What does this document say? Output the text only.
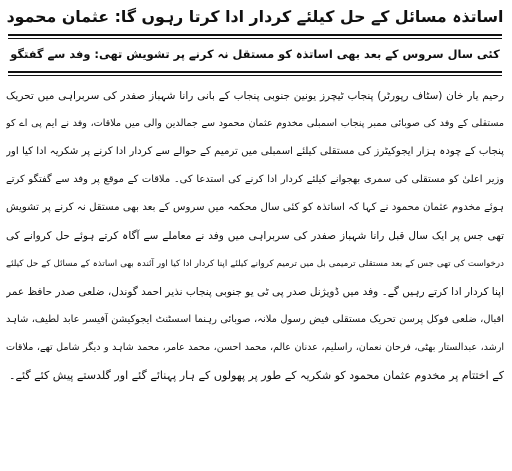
اساتذہ مسائل کے حل کیلئے کردار ادا کرتا رہوں گا: عثمان محمود
کئی سال سروس کے بعد بھی اساتذہ کو مستقل نہ کرنے پر تشویش تھی: وفد سے گفتگو
رحیم یار خان (سٹاف رپورٹر) پنجاب ٹیچرز یونین جنوبی پنجاب کے بانی رانا شہباز صفدر کی سربراہی میں تحریک
مستقلی کے وفد کی صوبائی ممبر پنجاب اسمبلی مخدوم عثمان محمود سے جمالدین والی میں ملاقات، وفد نے ایم پی اے کو
پنجاب کے چودہ ہزار ایجوکیٹرز کی مستقلی کیلئے اسمبلی میں ترمیم کے حوالے سے کردار ادا کرنے پر شکریہ ادا کیا اور
وزیر اعلیٰ کو مستقلی کی سمری بھجوانے کیلئے کردار ادا کرنے کی استدعا کی۔ ملاقات کے موقع پر وفد سے گفتگو کرتے
ہوئے مخدوم عثمان محمود نے کہا کہ اساتذہ کو کئی سال محکمہ میں سروس کے بعد بھی مستقل نہ کرنے پر تشویش
تھی جس پر ایک سال قبل رانا شہباز صفدر کی سربراہی میں وفد نے معاملے سے آگاہ کرتے ہوئے حل کروانے کی
درخواست کی تھی جس کے بعد مستقلی ترمیمی بل میں ترمیم کروانے کیلئے اپنا کردار ادا کیا اور آئندہ بھی اساتذہ کے مسائل کے حل کیلئے
اپنا کردار ادا کرتے رہیں گے۔ وفد میں ڈویژنل صدر پی ٹی یو جنوبی پنجاب نذیر احمد گوندل، ضلعی صدر حافظ عمر
اقبال، ضلعی فوکل پرسن تحریک مستقلی فیض رسول ملانہ، صوبائی رہنما اسسٹنٹ ایجوکیشن آفیسر عابد لطیف، شاہد
ارشد، عبدالستار بھٹی، فرحان نعمان، راسلیم، عدنان عالم، محمد احسن، محمد عامر، محمد شاہد و دیگر شامل تھے، ملاقات
کے اختتام پر مخدوم عثمان محمود کو شکریہ کے طور پر پھولوں کے ہار پہنائے گئے اور گلدستے پیش کئے گئے۔
